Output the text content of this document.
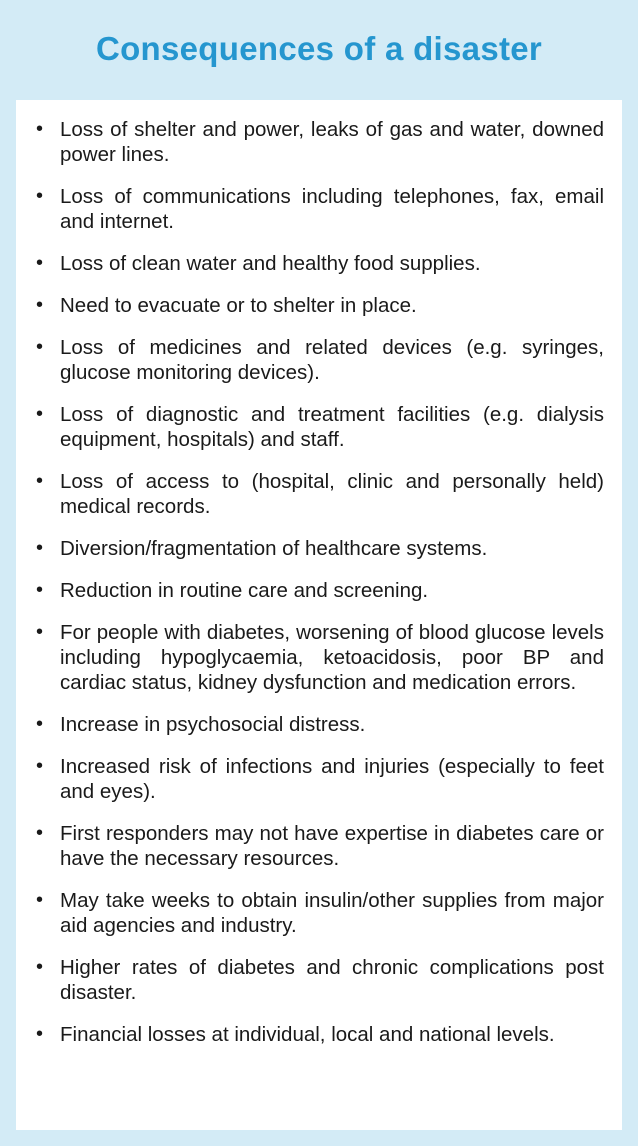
Consequences of a disaster
• Loss of shelter and power, leaks of gas and water, downed power lines.
• Loss of communications including telephones, fax, email and internet.
• Loss of clean water and healthy food supplies.
• Need to evacuate or to shelter in place.
• Loss of medicines and related devices (e.g. syringes, glucose monitoring devices).
• Loss of diagnostic and treatment facilities (e.g. dialysis equipment, hospitals) and staff.
• Loss of access to (hospital, clinic and personally held) medical records.
• Diversion/fragmentation of healthcare systems.
• Reduction in routine care and screening.
• For people with diabetes, worsening of blood glucose levels including hypoglycaemia, ketoacidosis, poor BP and cardiac status, kidney dysfunction and medication errors.
• Increase in psychosocial distress.
• Increased risk of infections and injuries (especially to feet and eyes).
• First responders may not have expertise in diabetes care or have the necessary resources.
• May take weeks to obtain insulin/other supplies from major aid agencies and industry.
• Higher rates of diabetes and chronic complications post disaster.
• Financial losses at individual, local and national levels.
